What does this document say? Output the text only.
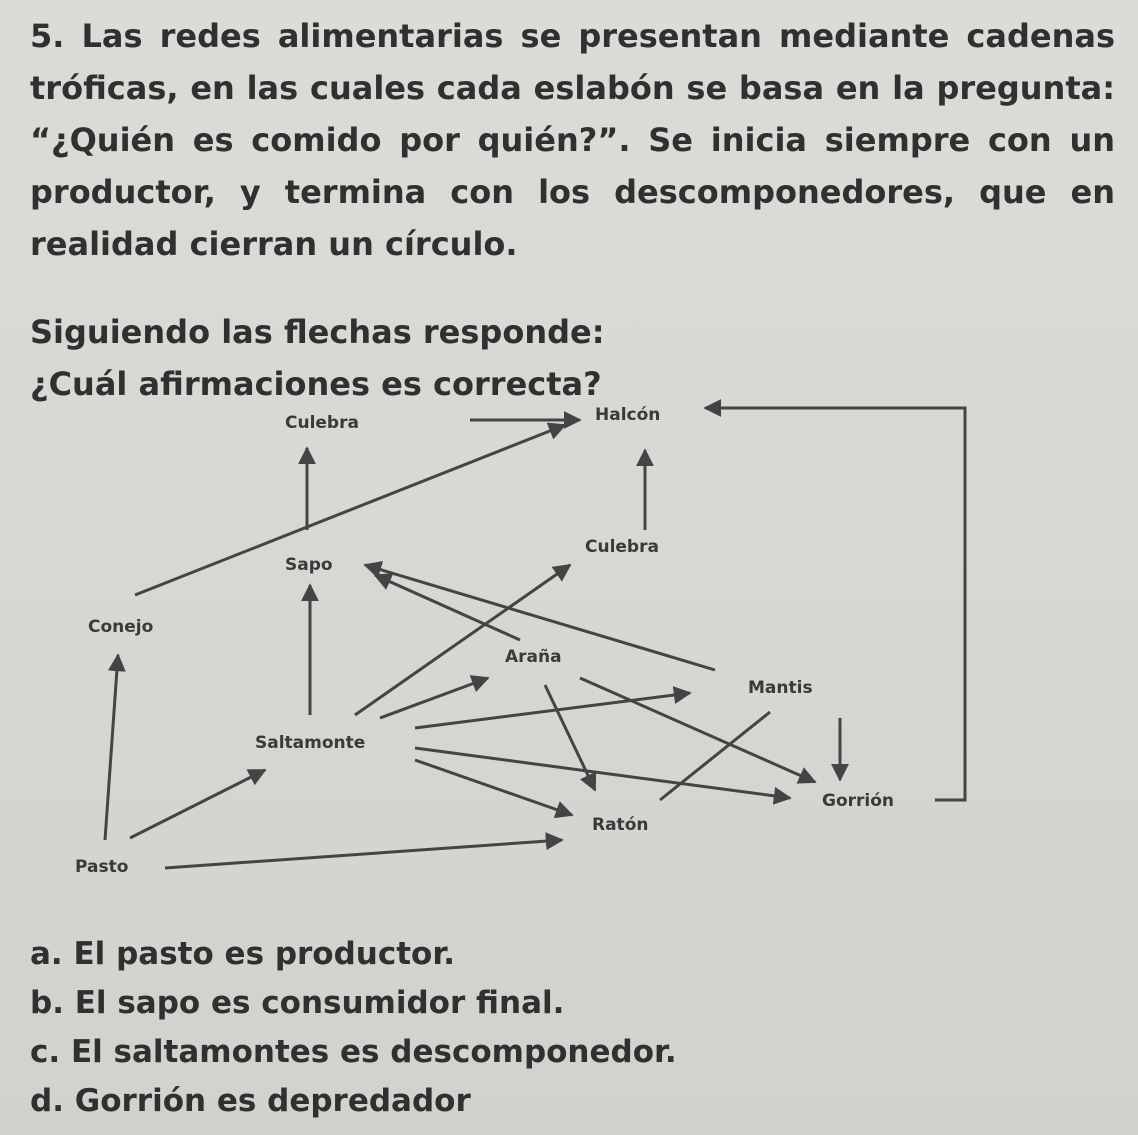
5. Las redes alimentarias se presentan mediante cadenas tróficas, en las cuales cada eslabón se basa en la pregunta: “¿Quién es comido por quién?”. Se inicia siempre con un productor, y termina con los descomponedores, que en realidad cierran un círculo.
Siguiendo las flechas responde: ¿Cuál afirmaciones es correcta?
Culebra	Halcón
Sapo
Culebra
Conejo
Araña
Mantis
Saltamonte
Gorrión
Ratón
Pasto
a. El pasto es productor.
b. El sapo es consumidor final.
c. El saltamontes es descomponedor.
d. Gorrión es depredador
